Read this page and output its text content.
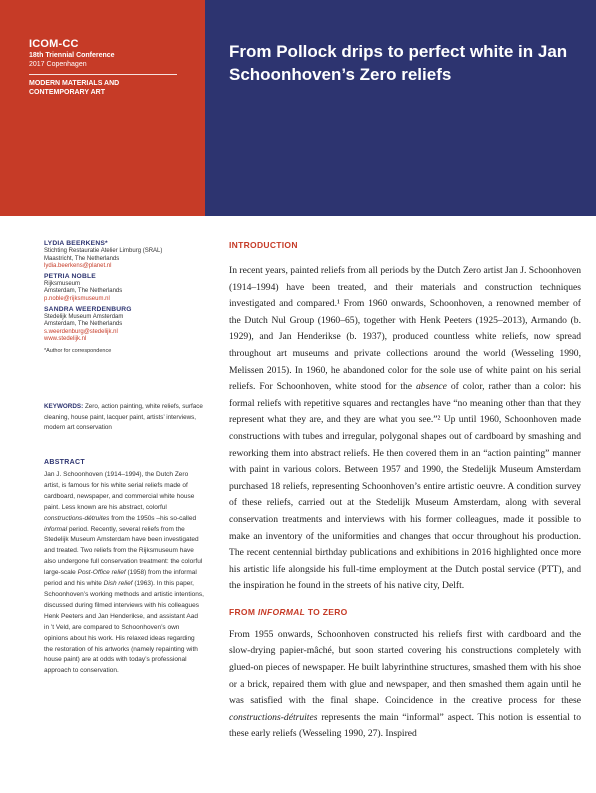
ICOM-CC
18th Triennial Conference
2017 Copenhagen
MODERN MATERIALS AND CONTEMPORARY ART
From Pollock drips to perfect white in Jan Schoonhoven’s Zero reliefs
LYDIA BEERKENS*
Stichting Restauratie Atelier Limburg (SRAL)
Maastricht, The Netherlands
lydia.beerkens@planet.nl
PETRIA NOBLE
Rijksmuseum
Amsterdam, The Netherlands
p.noble@rijksmuseum.nl
SANDRA WEERDENBURG
Stedelijk Museum Amsterdam
Amsterdam, The Netherlands
s.weerdenburg@stedelijk.nl
www.stedelijk.nl
*Author for correspondence
KEYWORDS: Zero, action painting, white reliefs, surface cleaning, house paint, lacquer paint, artists’ interviews, modern art conservation
ABSTRACT

Jan J. Schoonhoven (1914–1994), the Dutch Zero artist, is famous for his white serial reliefs made of cardboard, newspaper, and commercial white house paint. Less known are his abstract, colorful constructions-détruites from the 1950s –his so-called informal period. Recently, several reliefs from the Stedelijk Museum Amsterdam have been investigated and treated. Two reliefs from the Rijksmuseum have also undergone full conservation treatment: the colorful large-scale Post-Office relief (1958) from the informal period and his white Dish relief (1963). In this paper, Schoonhoven’s working methods and artistic intentions, discussed during filmed interviews with his colleagues Henk Peeters and Jan Henderikse, and assistant Aad in ’t Veld, are compared to Schoonhoven’s own opinions about his work. His relaxed ideas regarding the restoration of his artworks (namely repainting with house paint) are at odds with today’s professional approach to conservation.

INTRODUCTION

In recent years, painted reliefs from all periods by the Dutch Zero artist Jan J. Schoonhoven (1914–1994) have been treated, and their materials and construction techniques investigated and compared.¹ From 1960 onwards, Schoonhoven, a renowned member of the Dutch Nul Group (1960–65), together with Henk Peeters (1925–2013), Armando (b. 1929), and Jan Henderikse (b. 1937), produced countless white reliefs, now spread throughout art museums and private collections around the world (Wesseling 1990, Melissen 2015). In 1960, he abandoned color for the sole use of white paint on his serial reliefs. For Schoonhoven, white stood for the absence of color, rather than a color: his formal reliefs with repetitive squares and rectangles have “no meaning other than that they represent what they are, and they are what you see.”² Up until 1960, Schoonhoven made constructions with tubes and irregular, polygonal shapes out of cardboard by smashing and reworking them into abstract reliefs. He then covered them in an “action painting” manner with paint in various colors. Between 1957 and 1990, the Stedelijk Museum Amsterdam purchased 18 reliefs, representing Schoonhoven’s entire artistic oeuvre. A condition survey of these reliefs, carried out at the Stedelijk Museum Amsterdam, along with several conservation treatments and interviews with his former colleagues, made it possible to make an inventory of the uniformities and changes that occur throughout his production. The recent centennial birthday publications and exhibitions in 2016 highlighted once more his artistic life alongside his full-time employment at the Dutch postal service (PTT), and the inspiration he found in the streets of his native city, Delft.

FROM INFORMAL TO ZERO

From 1955 onwards, Schoonhoven constructed his reliefs first with cardboard and the slow-drying papier-mâché, but soon started covering his constructions completely with glued-on pieces of newspaper. He built labyrinthine structures, smashed them with his shoe or a brick, repaired them with glue and newspaper, and then smashed them again until he was satisfied with the final shape. Coincidence in the creative process for these constructions-détruites represents the main “informal” aspect. This notion is essential to these early reliefs (Wesseling 1990, 27). Inspired
